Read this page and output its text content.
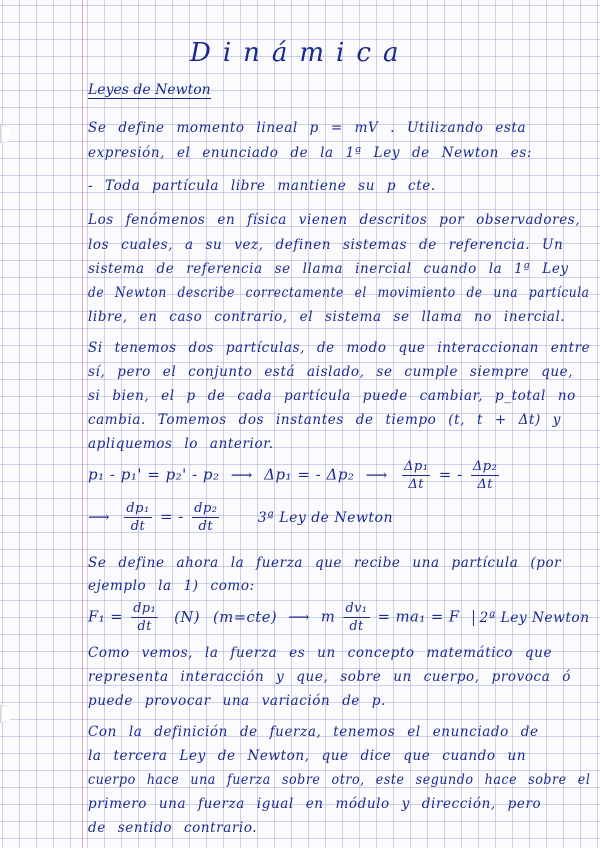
Dinámica
Leyes de Newton
Se define momento lineal p = mV . Utilizando esta
expresión, el enunciado de la 1ª Ley de Newton es:
- Toda partícula libre mantiene su p cte.
Los fenómenos en física vienen descritos por observadores,
los cuales, a su vez, definen sistemas de referencia. Un
sistema de referencia se llama inercial cuando la 1ª Ley
de Newton describe correctamente el movimiento de una partícula
libre, en caso contrario, el sistema se llama no inercial.
Si tenemos dos partículas, de modo que interaccionan entre
sí, pero el conjunto está aislado, se cumple siempre que,
si bien, el p de cada partícula puede cambiar, p_total no
cambia. Tomemos dos instantes de tiempo (t, t + Δt) y
apliquemos lo anterior.
p₁ - p₁' = p₂' - p₂ ⟶ Δp₁ = - Δp₂ ⟶ $\frac{\text{Δp₁}}{\Delta t}$ = - $\frac{\text{Δp₂}}{\Delta t}$
⟶ $\frac{\text{dp₁}}{dt}$ = - $\frac{\text{dp₂}}{dt}$	3ª Ley de Newton
Se define ahora la fuerza que recibe una partícula (por
ejemplo la 1) como:
$F_1 = \frac{\text{dp₁}}{dt} (N)$ (m=cte) ⟶ m $\frac{\text{dv₁}}{dt} = ma_1 = F$ 2ª Ley Newton
Como vemos, la fuerza es un concepto matemático que
representa interacción y que, sobre un cuerpo, provoca ó
puede provocar una variación de p.
Con la definición de fuerza, tenemos el enunciado de
la tercera Ley de Newton, que dice que cuando un
cuerpo hace una fuerza sobre otro, este segundo hace sobre el
primero una fuerza igual en módulo y dirección, pero
de sentido contrario.
